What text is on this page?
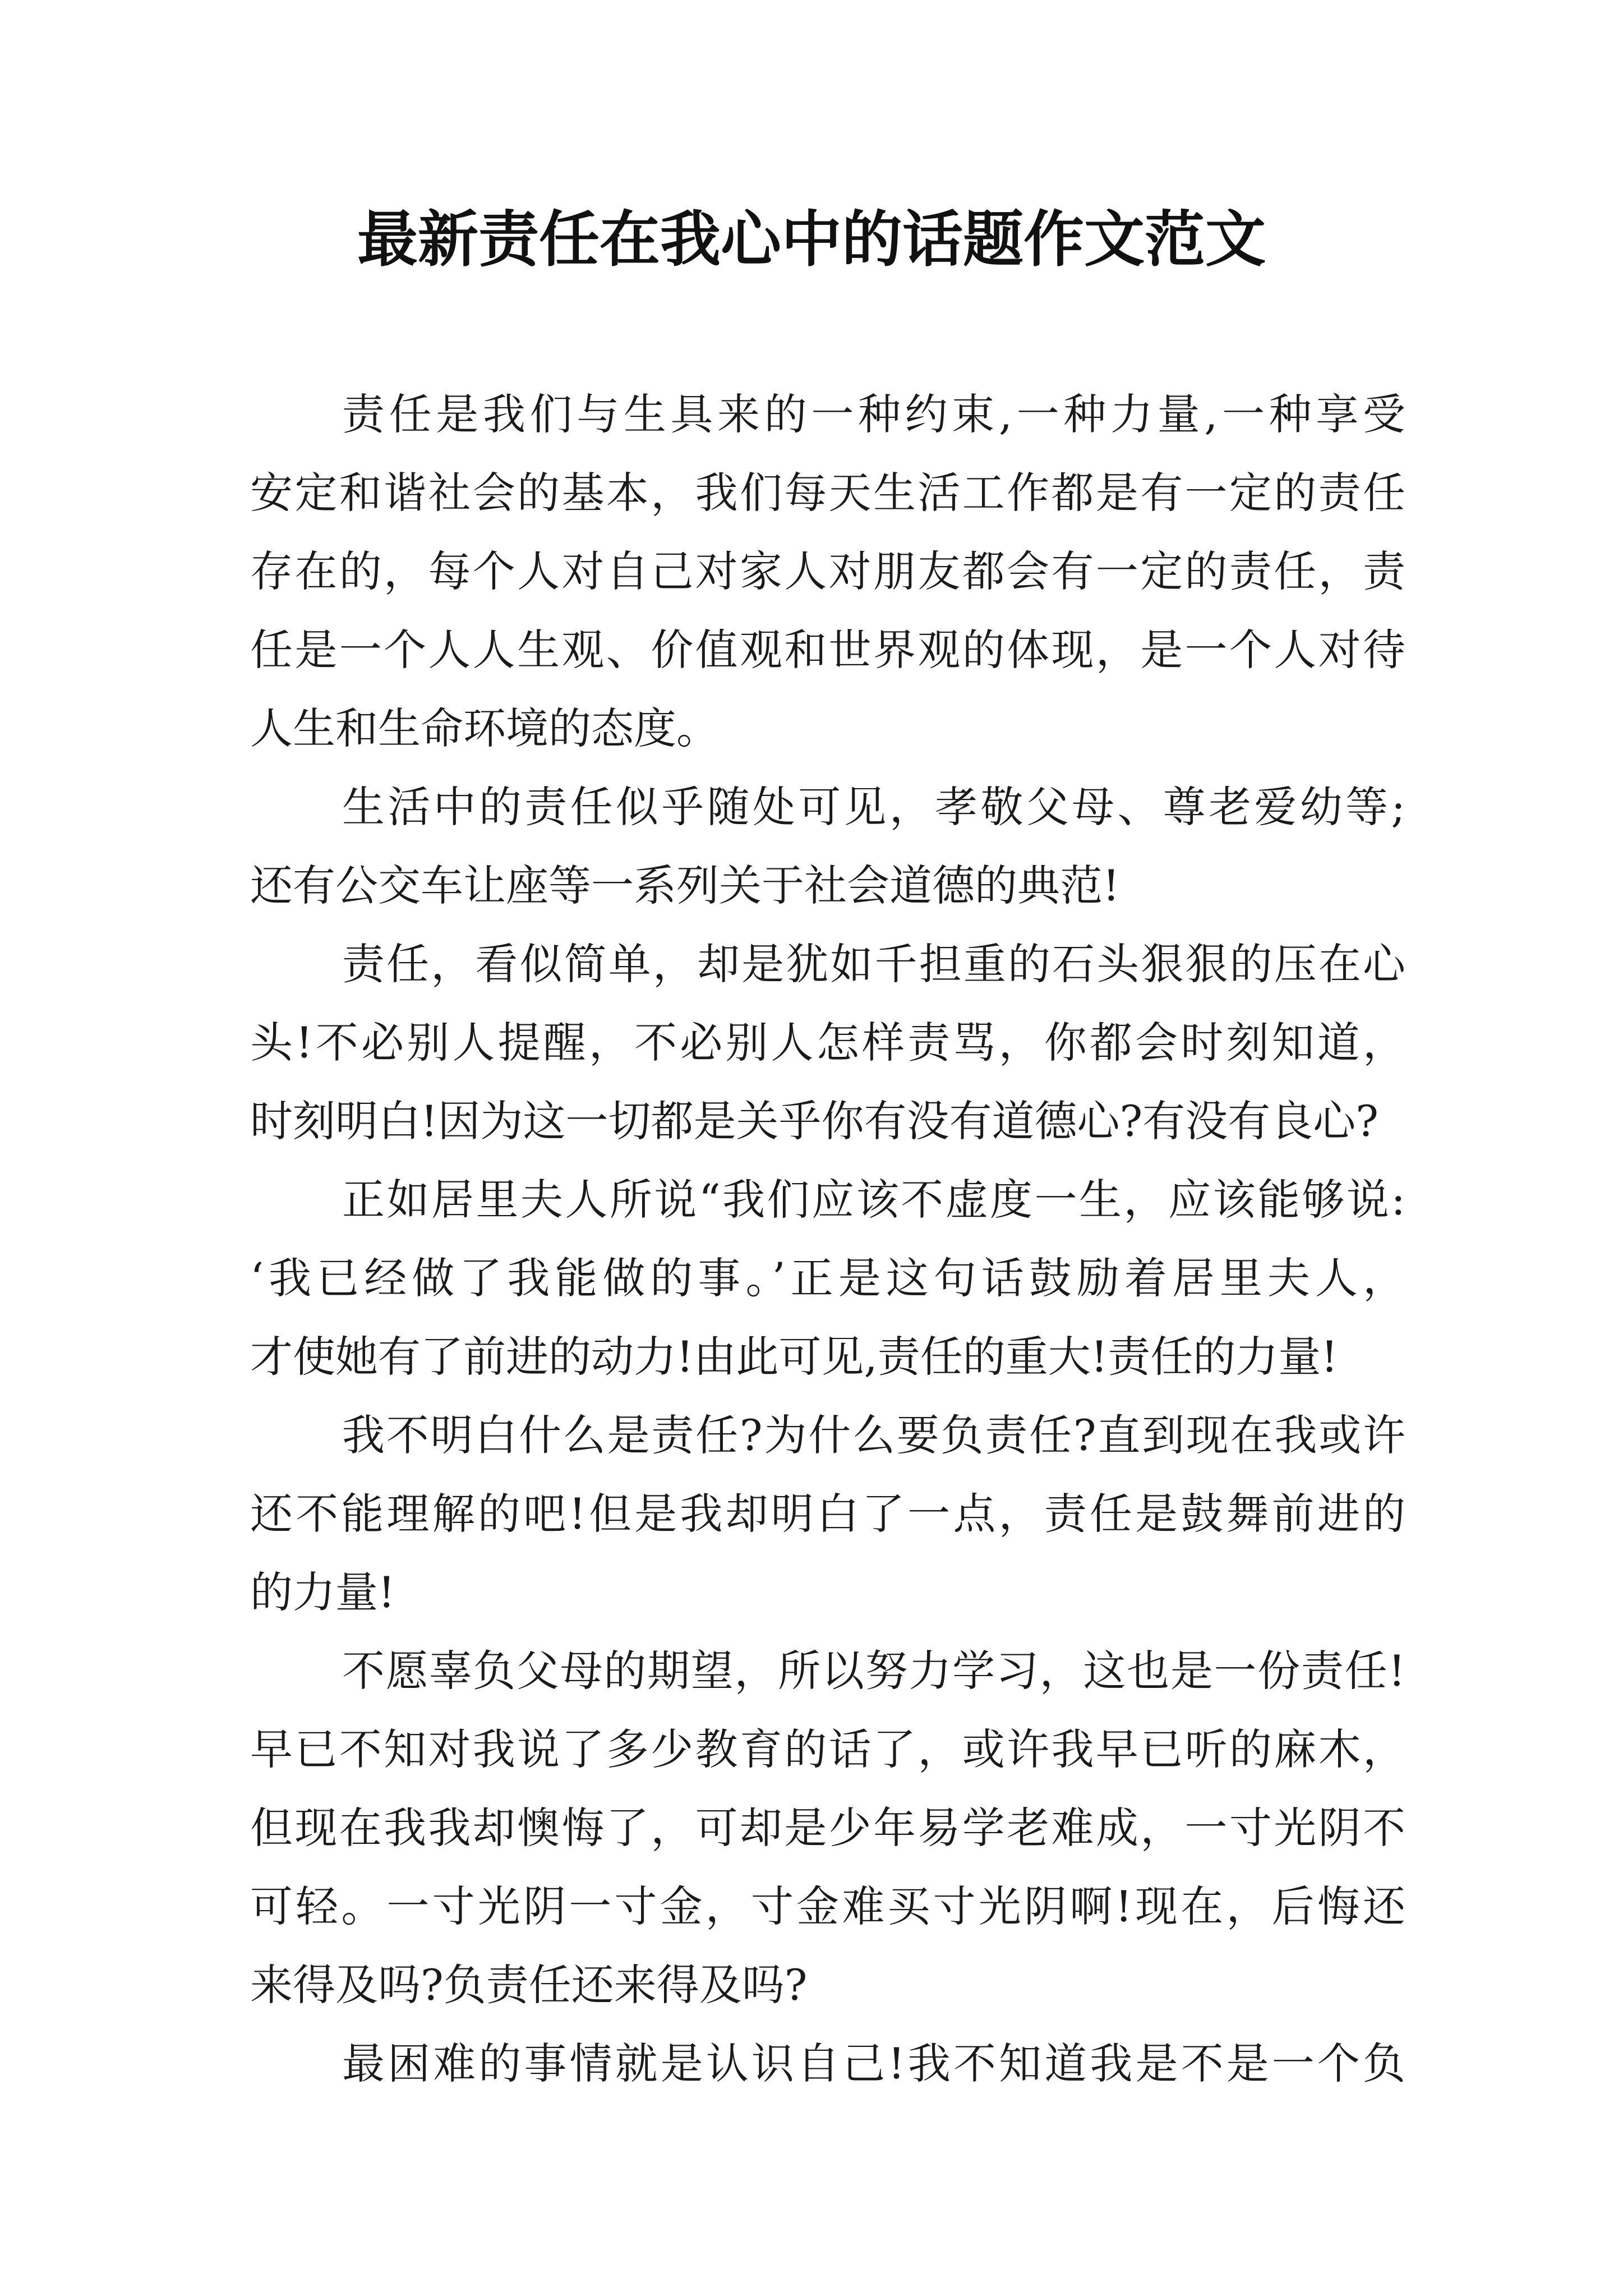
最新责任在我心中的话题作文范文
责任是我们与生具来的一种约束,一种力量,一种享受
安定和谐社会的基本，我们每天生活工作都是有一定的责任
存在的，每个人对自己对家人对朋友都会有一定的责任，责
任是一个人人生观、价值观和世界观的体现，是一个人对待
人生和生命环境的态度。
生活中的责任似乎随处可见，孝敬父母、尊老爱幼等;
还有公交车让座等一系列关于社会道德的典范!
责任，看似简单，却是犹如千担重的石头狠狠的压在心
头!不必别人提醒，不必别人怎样责骂，你都会时刻知道，
时刻明白!因为这一切都是关乎你有没有道德心?有没有良心?
正如居里夫人所说“我们应该不虚度一生，应该能够说:
‘我已经做了我能做的事。’正是这句话鼓励着居里夫人，
才使她有了前进的动力!由此可见,责任的重大!责任的力量!
我不明白什么是责任?为什么要负责任?直到现在我或许
还不能理解的吧!但是我却明白了一点，责任是鼓舞前进的
的力量!
不愿辜负父母的期望，所以努力学习，这也是一份责任!
早已不知对我说了多少教育的话了，或许我早已听的麻木，
但现在我我却懊悔了，可却是少年易学老难成，一寸光阴不
可轻。一寸光阴一寸金，寸金难买寸光阴啊!现在，后悔还
来得及吗?负责任还来得及吗?
最困难的事情就是认识自己!我不知道我是不是一个负
